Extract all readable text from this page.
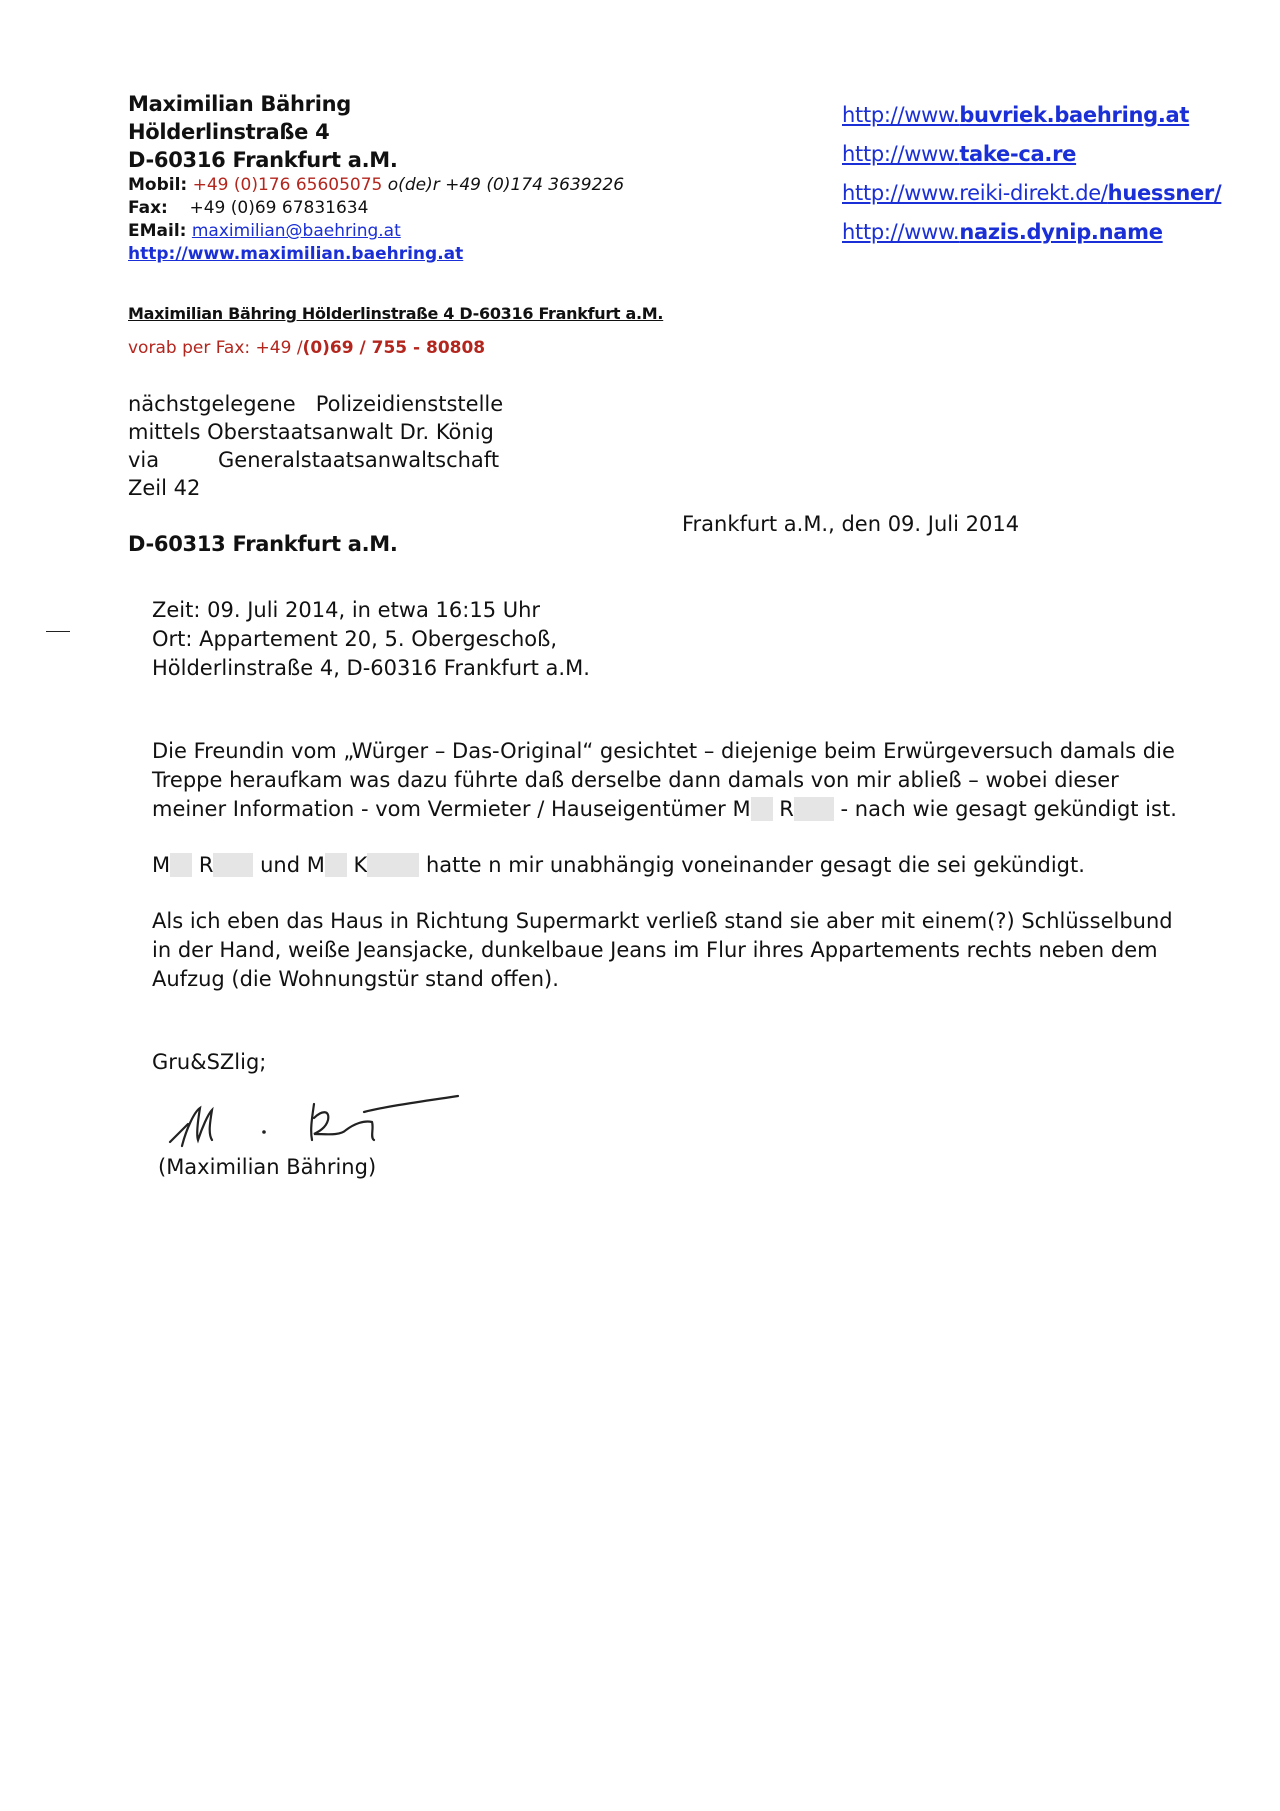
Maximilian Bähring
Hölderlinstraße 4
D-60316 Frankfurt a.M.
Mobil: +49 (0)176 65605075 o(de)r +49 (0)174 3639226
Fax: +49 (0)69 67831634
EMail: maximilian@baehring.at
http://www.maximilian.baehring.at
http://www.buvriek.baehring.at
http://www.take-ca.re
http://www.reiki-direkt.de/huessner/
http://www.nazis.dynip.name
Maximilian Bähring Hölderlinstraße 4 D-60316 Frankfurt a.M.
vorab per Fax: +49 /(0)69 / 755 - 80808
nächstgelegene Polizeidienststelle
mittels Oberstaatsanwalt Dr. König
via	Generalstaatsanwaltschaft
Zeil 42
D-60313 Frankfurt a.M.
Frankfurt a.M., den 09. Juli 2014
Zeit: 09. Juli 2014, in etwa 16:15 Uhr
Ort: Appartement 20, 5. Obergeschoß,
Hölderlinstraße 4, D-60316 Frankfurt a.M.
Die Freundin vom „Würger – Das-Original“ gesichtet – diejenige beim Erwürgeversuch damals die Treppe heraufkam was dazu führte daß derselbe dann damals von mir abließ – wobei dieser meiner Information - vom Vermieter / Hauseigentümer M R - nach wie gesagt gekündigt ist.
M R und M K	hatte n mir unabhängig voneinander gesagt die sei gekündigt.
Als ich eben das Haus in Richtung Supermarkt verließ stand sie aber mit einem(?) Schlüsselbund in der Hand, weiße Jeansjacke, dunkelbaue Jeans im Flur ihres Appartements rechts neben dem Aufzug (die Wohnungstür stand offen).
Gru&SZlig;
(Maximilian Bähring)
